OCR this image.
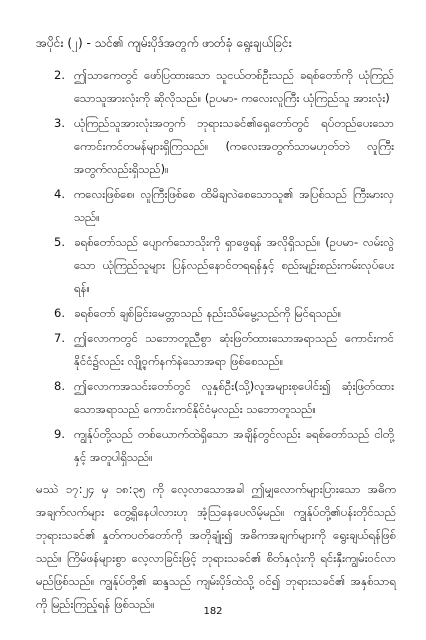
အပိုင်း (၂) - သင်၏ ကျမ်းပိုဒ်အတွက် ဖာတ်ခုံ ရွေးချယ်ခြင်း
2. ဤသာကေတွင် ဖော်ပြထားသော သူငယ်တစ်ဦးသည် ခရစ်တော်ကို ယုံကြည်သောသူအားလုံးကို ဆိုလိုသည်။ (ဥပမာ- ကလေးလူကြီး ယုံကြည်သူ အားလုံး)
3. ယုံကြည်သူအားလုံးအတွက် ဘုရားသခင်၏ရှေတော်တွင် ရပ်တည်ပေးသော ကောင်းကင်တမန်များရှိကြသည်။ (ကလေးအတွက်သာမဟုတ်ဘဲ လူကြီးအတွက်လည်းရှိသည်)။
4. ကလေးဖြစ်စေ၊ လူကြီးဖြစ်စေ ထိမိချလဲစေသောသူ၏ အပြစ်သည် ကြီးမားလှသည်။
5. ခရစ်တော်သည် ပျောက်သောသိုးကို ရှာဖွေရန် အလိုရှိသည်။ (ဥပမာ- လမ်းလွဲသော ယုံကြည်သူများ ပြန်လည်နောင်တရရန်နှင့် စည်းမျဉ်းစည်းကမ်းလုပ်ပေးရန်။
6. ခရစ်တော် ချစ်ခြင်းမေတ္တာသည် နည်းသိမ်မွေ့သည်ကို မြင်ရသည်။
7. ဤလောကတွင် သဘောတူညီစွာ ဆုံးဖြတ်ထားသောအရာသည် ကောင်းကင်နိုင်ငံ၌လည်း လျို့ဝှက်နက်နဲသောအရာ ဖြစ်စေသည်။
8. ဤလောကအသင်းတော်တွင် လူနှစ်ဦး(သို့)လူအများစုပေါင်း၍ ဆုံးဖြတ်ထားသောအရာသည် ကောင်းကင်နိုင်ငံမှလည်း သဘောတူသည်။
9. ကျွန်ုပ်တို့သည် တစ်ယောက်ထဲရှိသော အချိန်တွင်လည်း ခရစ်တော်သည် ငါတို့နှင့် အတူပါရှိသည်။
မဿဲ ၁၇:၂၄ မှ ၁၈:၃၅ ကို လေ့လာသောအခါ ဤမျှလောက်များပြားသော အဓိကအချက်လက်များ တွေ့ရှိနေပါလားဟု အံ့သြနေပေလိမ့်မည်။ ကျွန်ုပ်တို့၏ပန်းတိုင်သည် ဘုရားသခင်၏ နှုတ်ကပတ်တော်ကို အတိုချုံး၍ အဓိကအချက်များကို ရွေးချယ်ရန်ဖြစ်သည်။ ကြိမ်ဖန်များစွာ လေ့လာခြင်းဖြင့် ဘုရားသခင်၏ စိတ်နှလုံးကို ရင်းနှီးကျွမ်းဝင်လာမည်ဖြစ်သည်။ ကျွန်ုပ်တို့၏ ဆန္ဒသည် ကျမ်းပိုဒ်ထဲသို့ ဝင်၍ ဘုရားသခင်၏ အနှစ်သာရကို မြည်းကြည့်ရန် ဖြစ်သည်။
182
